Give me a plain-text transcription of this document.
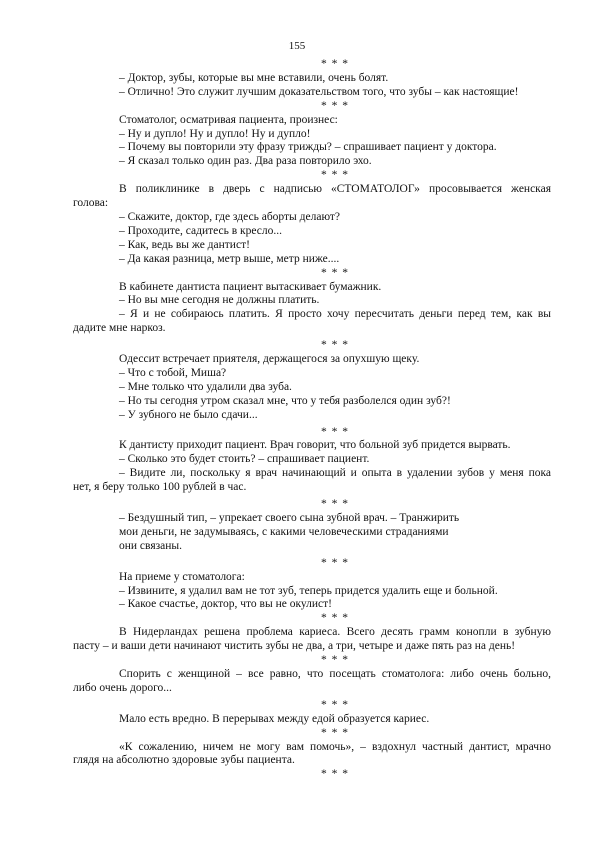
155
* * *
– Доктор, зубы, которые вы мне вставили, очень болят.
– Отлично! Это служит лучшим доказательством того, что зубы – как настоящие!
* * *
Стоматолог, осматривая пациента, произнес:
– Ну и дупло! Ну и дупло! Ну и дупло!
– Почему вы повторили эту фразу трижды? – спрашивает пациент у доктора.
– Я сказал только один раз. Два раза повторило эхо.
* * *
В поликлинике в дверь с надписью «СТОМАТОЛОГ» просовывается женская
голова:
– Скажите, доктор, где здесь аборты делают?
– Проходите, садитесь в кресло...
– Как, ведь вы же дантист!
– Да какая разница, метр выше, метр ниже....
* * *
В кабинете дантиста пациент вытаскивает бумажник.
– Но вы мне сегодня не должны платить.
– Я и не собираюсь платить. Я просто хочу пересчитать деньги перед тем, как вы
дадите мне наркоз.
* * *
Одессит встречает приятеля, держащегося за опухшую щеку.
– Что с тобой, Миша?
– Мне только что удалили два зуба.
– Но ты сегодня утром сказал мне, что у тебя разболелся один зуб?!
– У зубного не было сдачи...
* * *
К дантисту приходит пациент. Врач говорит, что больной зуб придется вырвать.
– Сколько это будет стоить? – спрашивает пациент.
– Видите ли, поскольку я врач начинающий и опыта в удалении зубов у меня пока
нет, я беру только 100 рублей в час.
* * *
– Бездушный тип, – упрекает своего сына зубной врач. – Транжирить
мои деньги, не задумываясь, с какими человеческими страданиями
они связаны.
* * *
На приеме у стоматолога:
– Извините, я удалил вам не тот зуб, теперь придется удалить еще и больной.
– Какое счастье, доктор, что вы не окулист!
* * *
В Нидерландах решена проблема кариеса. Всего десять грамм конопли в зубную
пасту – и ваши дети начинают чистить зубы не два, а три, четыре и даже пять раз на день!
* * *
Спорить с женщиной – все равно, что посещать стоматолога: либо очень больно,
либо очень дорого...
* * *
Мало есть вредно. В перерывах между едой образуется кариес.
* * *
«К сожалению, ничем не могу вам помочь», – вздохнул частный дантист, мрачно
глядя на абсолютно здоровые зубы пациента.
* * *
